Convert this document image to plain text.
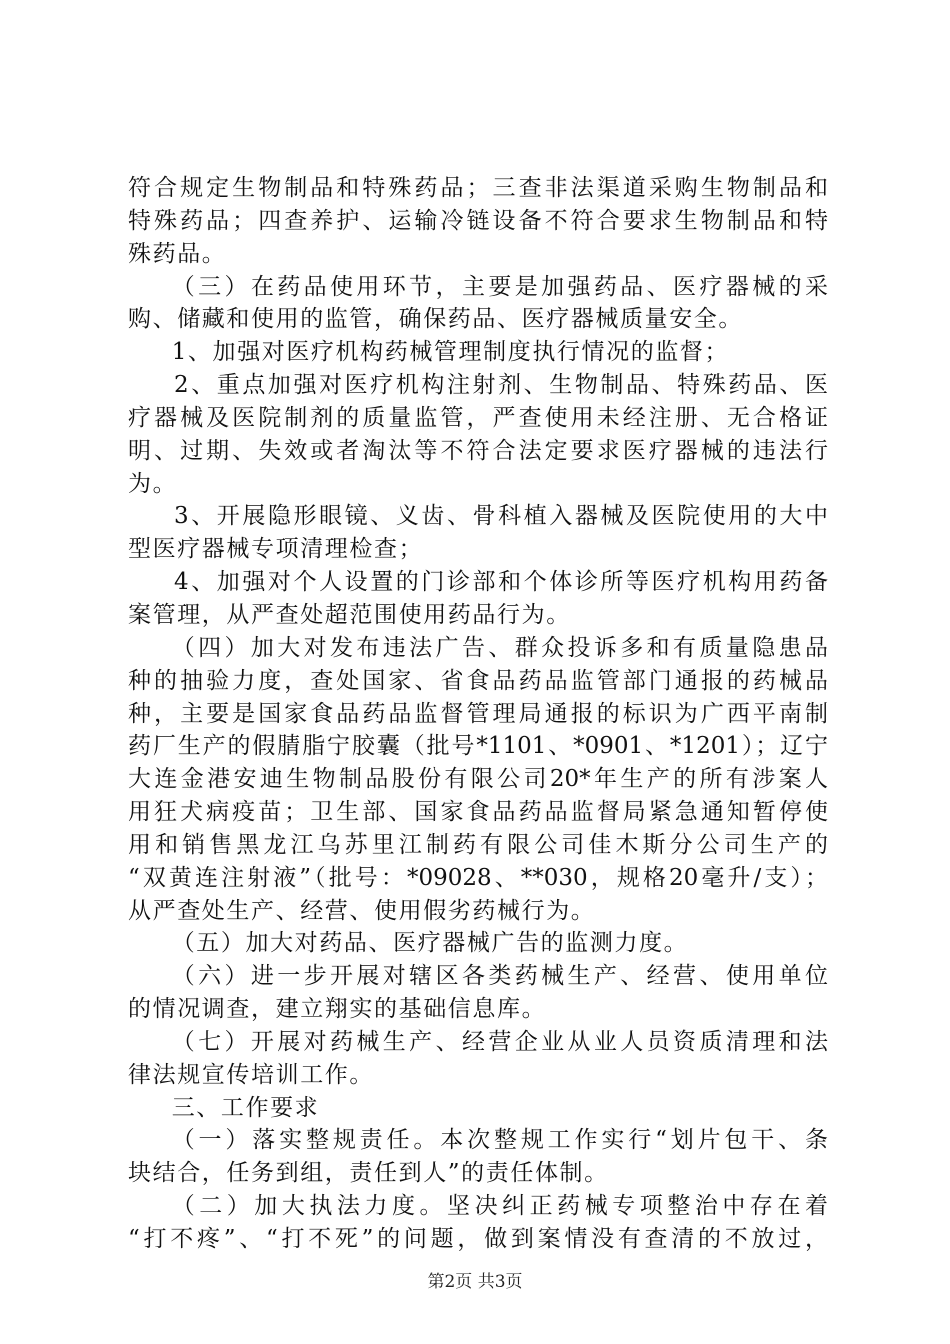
符合规定生物制品和特殊药品；三查非法渠道采购生物制品和
特殊药品；四查养护、运输冷链设备不符合要求生物制品和特
殊药品。
（三）在药品使用环节，主要是加强药品、医疗器械的采
购、储藏和使用的监管，确保药品、医疗器械质量安全。
1、加强对医疗机构药械管理制度执行情况的监督；
2、重点加强对医疗机构注射剂、生物制品、特殊药品、医
疗器械及医院制剂的质量监管，严查使用未经注册、无合格证
明、过期、失效或者淘汰等不符合法定要求医疗器械的违法行
为。
3、开展隐形眼镜、义齿、骨科植入器械及医院使用的大中
型医疗器械专项清理检查；
4、加强对个人设置的门诊部和个体诊所等医疗机构用药备
案管理，从严查处超范围使用药品行为。
（四）加大对发布违法广告、群众投诉多和有质量隐患品
种的抽验力度，查处国家、省食品药品监管部门通报的药械品
种，主要是国家食品药品监督管理局通报的标识为广西平南制
药厂生产的假腈脂宁胶囊（批号*1101、*0901、*1201）；辽宁
大连金港安迪生物制品股份有限公司20*年生产的所有涉案人
用狂犬病疫苗；卫生部、国家食品药品监督局紧急通知暂停使
用和销售黑龙江乌苏里江制药有限公司佳木斯分公司生产的
“双黄连注射液”（批号：*09028、**030，规格20毫升/支）；
从严查处生产、经营、使用假劣药械行为。
（五）加大对药品、医疗器械广告的监测力度。
（六）进一步开展对辖区各类药械生产、经营、使用单位
的情况调查，建立翔实的基础信息库。
（七）开展对药械生产、经营企业从业人员资质清理和法
律法规宣传培训工作。
三、工作要求
（一）落实整规责任。本次整规工作实行“划片包干、条
块结合，任务到组，责任到人”的责任体制。
（二）加大执法力度。坚决纠正药械专项整治中存在着
“打不疼”、“打不死”的问题，做到案情没有查清的不放过，
第2页 共3页
